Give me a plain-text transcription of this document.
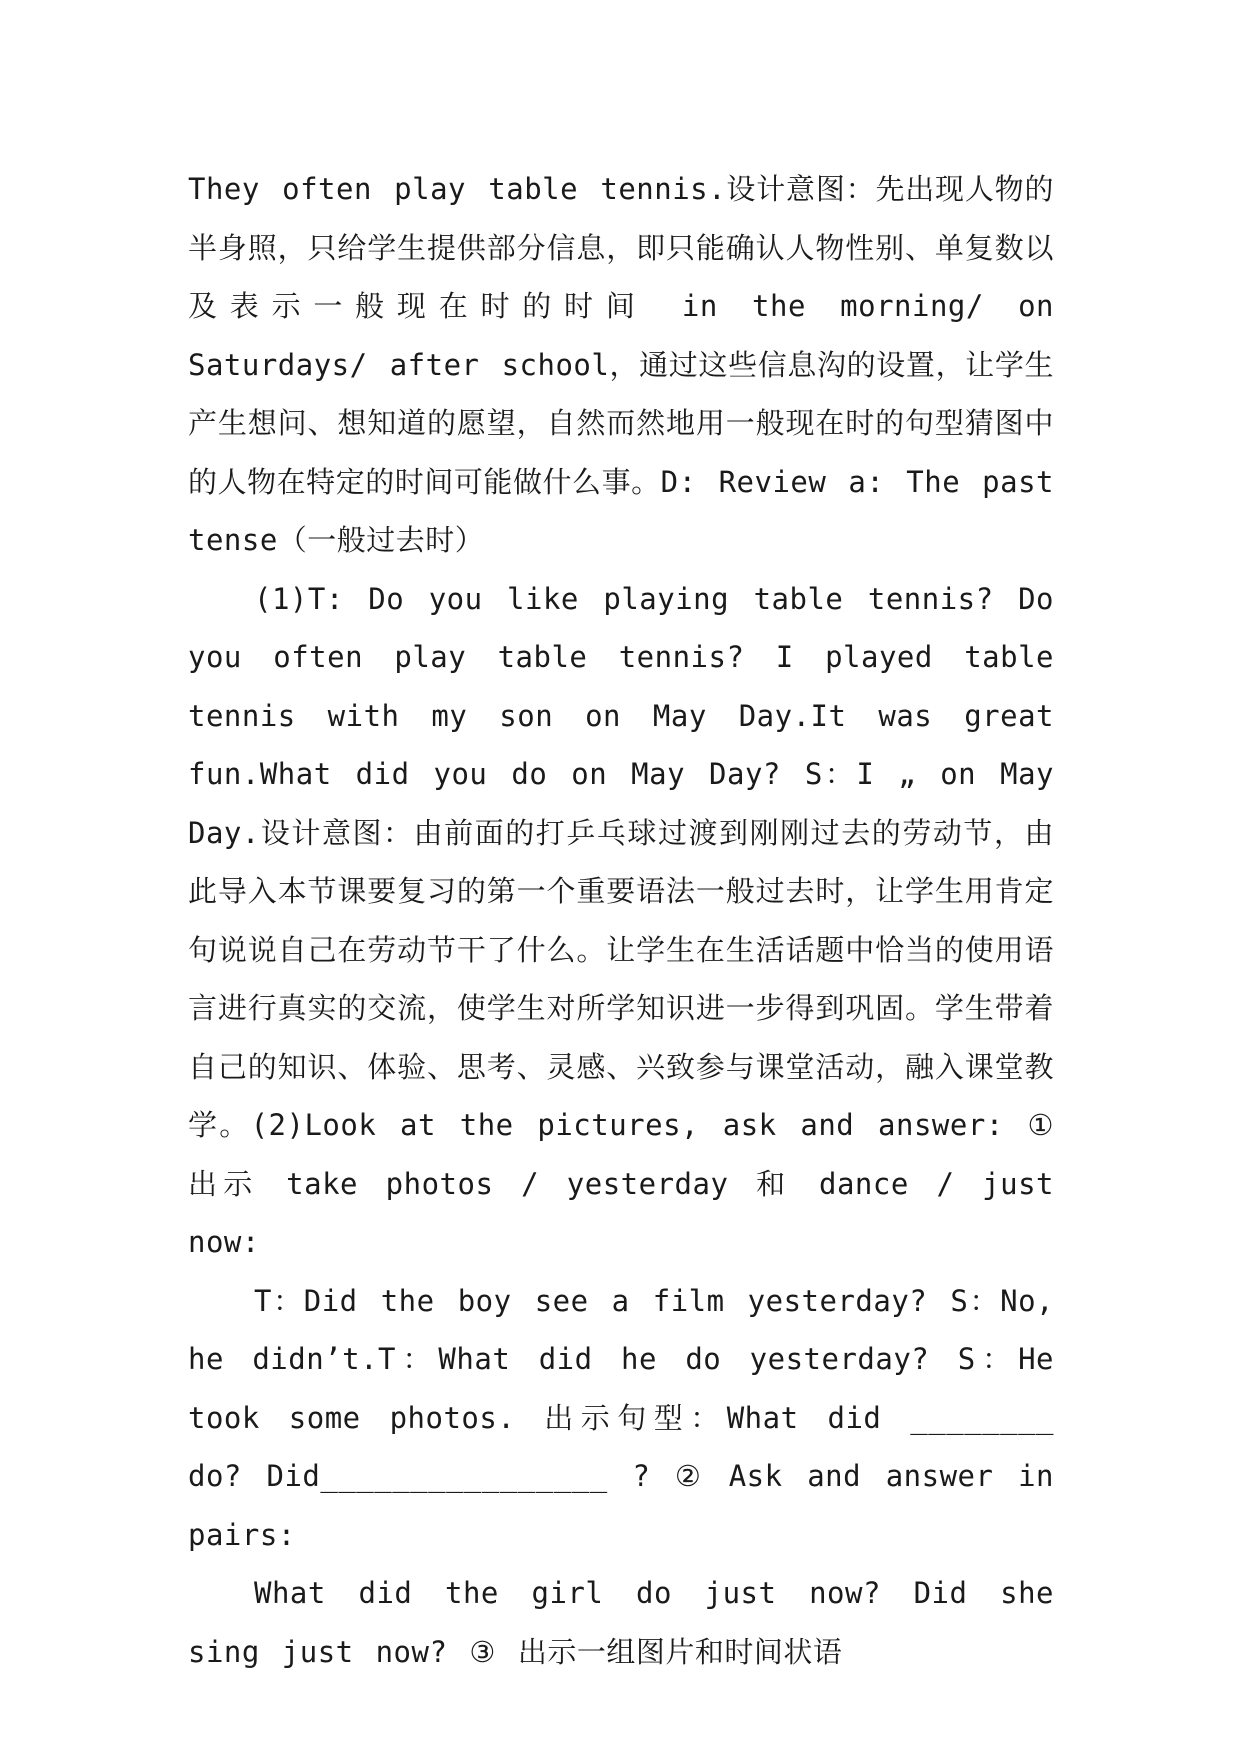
They often play table tennis.设计意图：先出现人物的半身照，只给学生提供部分信息，即只能确认人物性别、单复数以及表示一般现在时的时间 in the morning/ on Saturdays/ after school，通过这些信息沟的设置，让学生产生想问、想知道的愿望，自然而然地用一般现在时的句型猜图中的人物在特定的时间可能做什么事。D: Review a: The past tense（一般过去时）

(1)T: Do you like playing table tennis? Do you often play table tennis? I played table tennis with my son on May Day.It was great fun.What did you do on May Day? S：I „ on May Day.设计意图：由前面的打乒乓球过渡到刚刚过去的劳动节，由此导入本节课要复习的第一个重要语法一般过去时，让学生用肯定句说说自己在劳动节干了什么。让学生在生活话题中恰当的使用语言进行真实的交流，使学生对所学知识进一步得到巩固。学生带着自己的知识、体验、思考、灵感、兴致参与课堂活动，融入课堂教学。(2)Look at the pictures, ask and answer: ① 出示 take photos / yesterday 和 dance / just now:

T：Did the boy see a film yesterday? S：No, he didn’t.T：What did he do yesterday? S：He took some photos. 出示句型：What did ________ do? Did________________ ? ② Ask and answer in pairs:

What did the girl do just now? Did she sing just now? ③ 出示一组图片和时间状语
